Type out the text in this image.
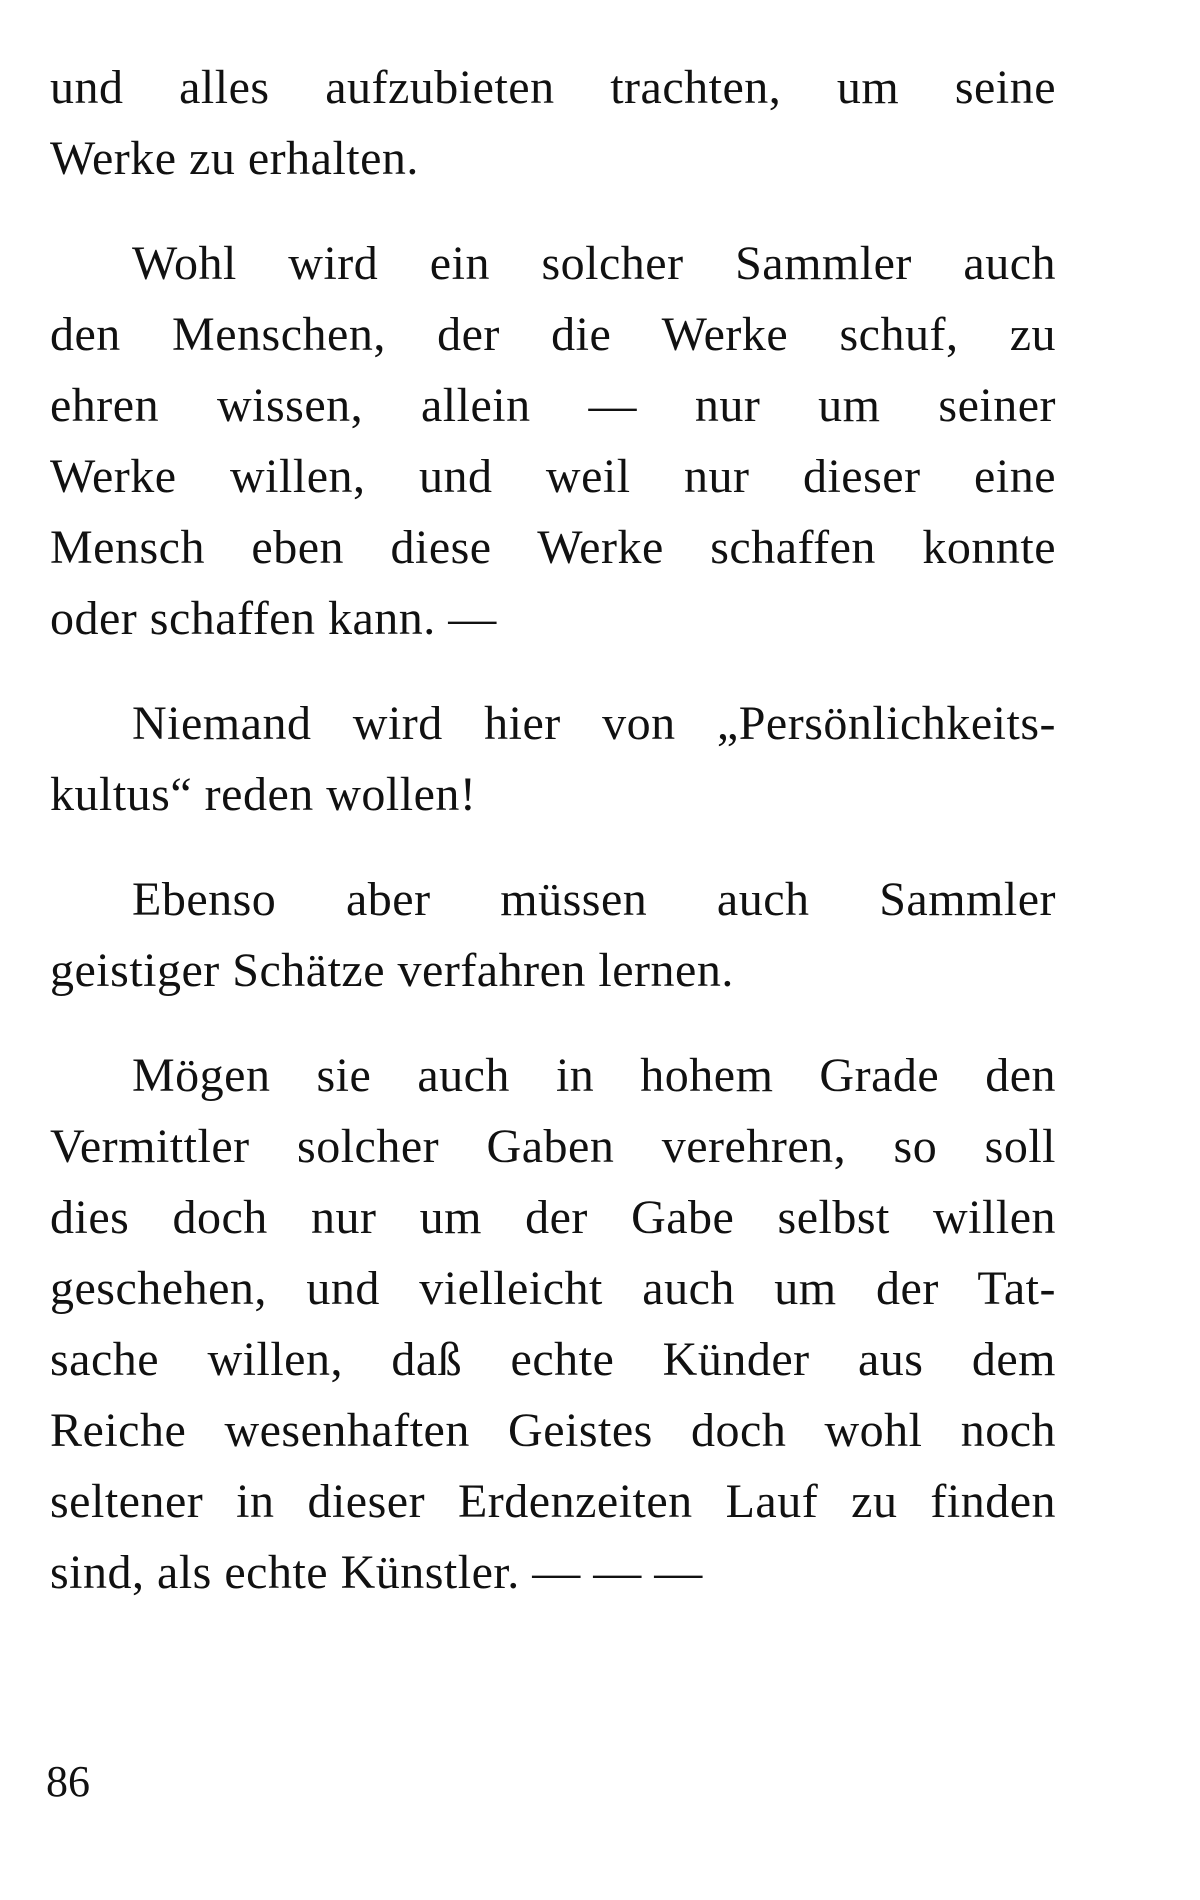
und alles aufzubieten trachten, um seine
Werke zu erhalten.

Wohl wird ein solcher Sammler auch
den Menschen, der die Werke schuf, zu
ehren wissen, allein — nur um seiner
Werke willen, und weil nur dieser eine
Mensch eben diese Werke schaffen konnte
oder schaffen kann. —

Niemand wird hier von „Persönlichkeits-
kultus“ reden wollen!

Ebenso aber müssen auch Sammler
geistiger Schätze verfahren lernen.

Mögen sie auch in hohem Grade den
Vermittler solcher Gaben verehren, so soll
dies doch nur um der Gabe selbst willen
geschehen, und vielleicht auch um der Tat-
sache willen, daß echte Künder aus dem
Reiche wesenhaften Geistes doch wohl noch
seltener in dieser Erdenzeiten Lauf zu finden
sind, als echte Künstler. — — —

86
